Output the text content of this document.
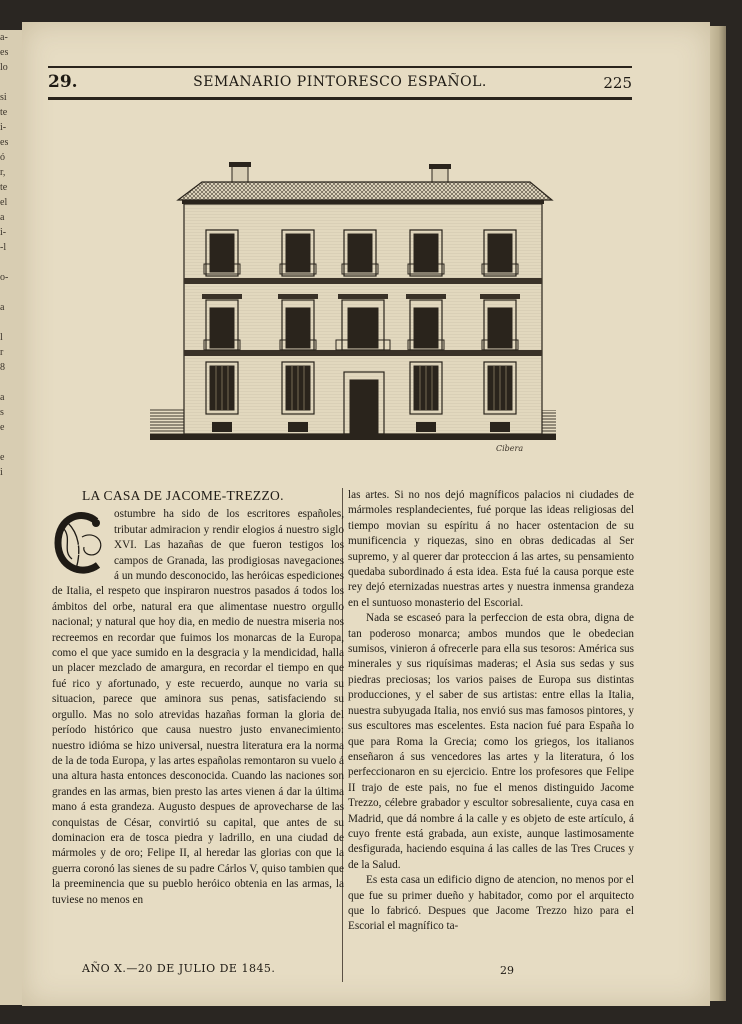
a-
es
lo

si
te
i-
es
ó
r,
te
el
a
i-
-l

o-

a

l
r
8

a
s
e

e
i
29.	SEMANARIO PINTORESCO ESPAÑOL.	225
Cibera

LA CASA DE JACOME-TREZZO.

C

ostumbre ha sido de los escritores españoles, tributar admiracion y rendir elogios á nuestro siglo XVI. Las hazañas de que fueron testigos los campos de Granada, las prodigiosas navegaciones á un mundo desconocido, las heróicas espediciones de Italia, el respeto que inspiraron nuestros pasados á todos los ámbitos del orbe, natural era que alimentase nuestro orgullo nacional; y natural que hoy dia, en medio de nuestra miseria nos recreemos en recordar que fuimos los monarcas de la Europa, como el que yace sumido en la desgracia y la mendicidad, halla un placer mezclado de amargura, en recordar el tiempo en que fué rico y afortunado, y este recuerdo, aunque no varia su situacion, parece que aminora sus penas, satisfaciendo su orgullo. Mas no solo atrevidas hazañas forman la gloria del período histórico que causa nuestro justo envanecimiento: nuestro idióma se hizo universal, nuestra literatura era la norma de la de toda Europa, y las artes españolas remontaron su vuelo á una altura hasta entonces desconocida. Cuando las naciones son grandes en las armas, bien presto las artes vienen á dar la última mano á esta grandeza. Augusto despues de aprovecharse de las conquistas de César, convirtió su capital, que antes de su dominacion era de tosca piedra y ladrillo, en una ciudad de mármoles y de oro; Felipe II, al heredar las glorias con que la guerra coronó las sienes de su padre Cárlos V, quiso tambien que la preeminencia que su pueblo heróico obtenia en las armas, la tuviese no menos en

las artes. Si no nos dejó magníficos palacios ni ciudades de mármoles resplandecientes, fué porque las ideas religiosas del tiempo movian su espíritu á no hacer ostentacion de su munificencia y riquezas, sino en obras dedicadas al Ser supremo, y al querer dar proteccion á las artes, su pensamiento quedaba subordinado á esta idea. Esta fué la causa porque este rey dejó eternizadas nuestras artes y nuestra inmensa grandeza en el suntuoso monasterio del Escorial.

Nada se escaseó para la perfeccion de esta obra, digna de tan poderoso monarca; ambos mundos que le obedecian sumisos, vinieron á ofrecerle para ella sus tesoros: América sus minerales y sus riquísimas maderas; el Asia sus sedas y sus piedras preciosas; los varios paises de Europa sus distintas producciones, y el saber de sus artistas: entre ellas la Italia, nuestra subyugada Italia, nos envió sus mas famosos pintores, y sus escultores mas escelentes. Esta nacion fué para España lo que para Roma la Grecia; como los griegos, los italianos enseñaron á sus vencedores las artes y la literatura, ó los perfeccionaron en su ejercicio. Entre los profesores que Felipe II trajo de este pais, no fue el menos distinguido Jacome Trezzo, célebre grabador y escultor sobresaliente, cuya casa en Madrid, que dá nombre á la calle y es objeto de este artículo, á cuyo frente está grabada, aun existe, aunque lastimosamente desfigurada, haciendo esquina á las calles de las Tres Cruces y de la Salud.

Es esta casa un edificio digno de atencion, no menos por el que fue su primer dueño y habitador, como por el arquitecto que lo fabricó. Despues que Jacome Trezzo hizo para el Escorial el magnífico ta-

AÑO X.—20 DE JULIO DE 1845.	29
